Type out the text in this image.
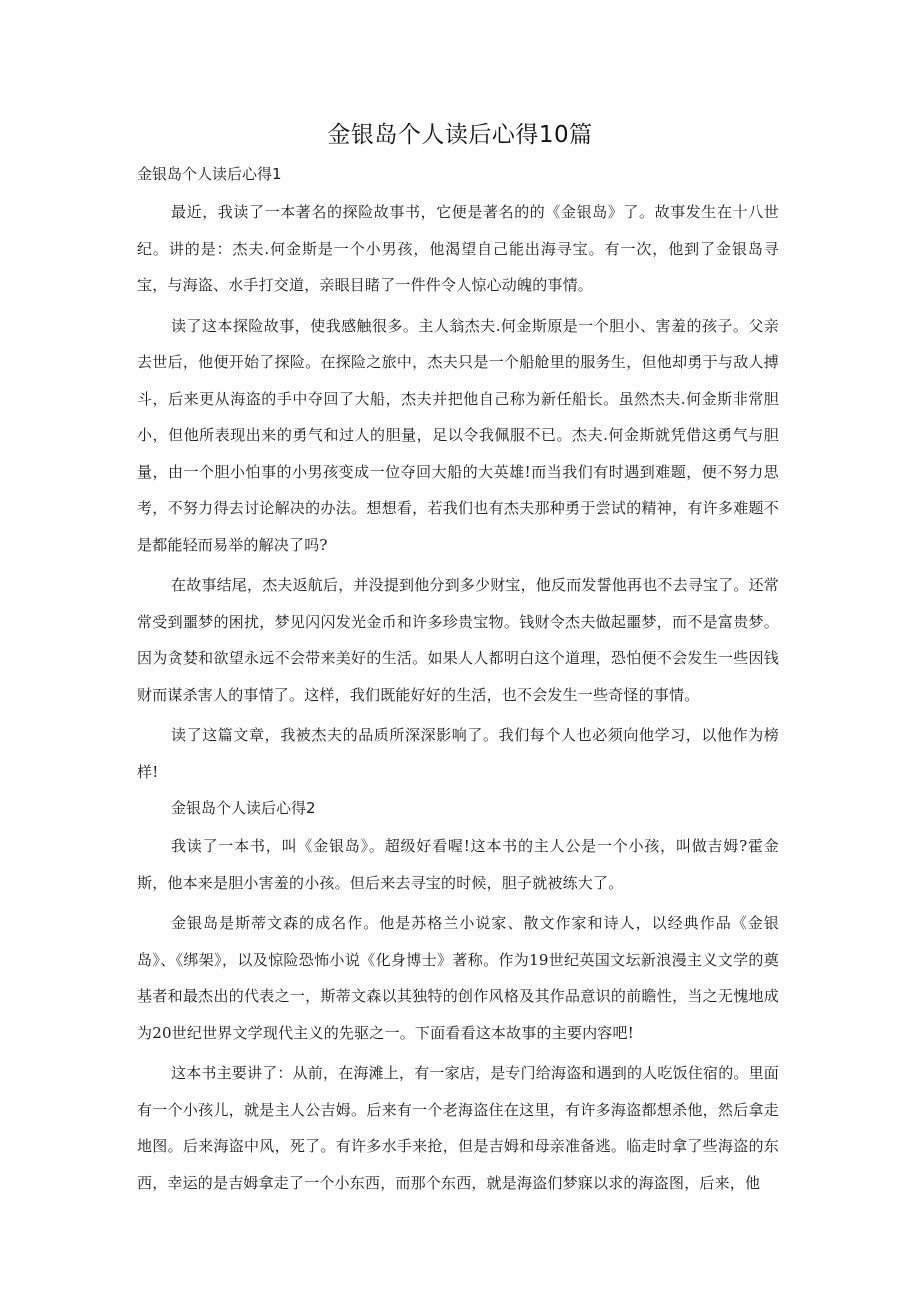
金银岛个人读后心得10篇

金银岛个人读后心得1

最近，我读了一本著名的探险故事书，它便是著名的的《金银岛》了。故事发生在十八世纪。讲的是：杰夫.何金斯是一个小男孩，他渴望自己能出海寻宝。有一次，他到了金银岛寻宝，与海盗、水手打交道，亲眼目睹了一件件令人惊心动魄的事情。

读了这本探险故事，使我感触很多。主人翁杰夫.何金斯原是一个胆小、害羞的孩子。父亲去世后，他便开始了探险。在探险之旅中，杰夫只是一个船舱里的服务生，但他却勇于与敌人搏斗，后来更从海盗的手中夺回了大船，杰夫并把他自己称为新任船长。虽然杰夫.何金斯非常胆小，但他所表现出来的勇气和过人的胆量，足以令我佩服不已。杰夫.何金斯就凭借这勇气与胆量，由一个胆小怕事的小男孩变成一位夺回大船的大英雄!而当我们有时遇到难题，便不努力思考，不努力得去讨论解决的办法。想想看，若我们也有杰夫那种勇于尝试的精神，有许多难题不是都能轻而易举的解决了吗?

在故事结尾，杰夫返航后，并没提到他分到多少财宝，他反而发誓他再也不去寻宝了。还常常受到噩梦的困扰，梦见闪闪发光金币和许多珍贵宝物。钱财令杰夫做起噩梦，而不是富贵梦。因为贪婪和欲望永远不会带来美好的生活。如果人人都明白这个道理，恐怕便不会发生一些因钱财而谋杀害人的事情了。这样，我们既能好好的生活，也不会发生一些奇怪的事情。

读了这篇文章，我被杰夫的品质所深深影响了。我们每个人也必须向他学习，以他作为榜样!

金银岛个人读后心得2

我读了一本书，叫《金银岛》。超级好看喔!这本书的主人公是一个小孩，叫做吉姆?霍金斯，他本来是胆小害羞的小孩。但后来去寻宝的时候，胆子就被练大了。

金银岛是斯蒂文森的成名作。他是苏格兰小说家、散文作家和诗人，以经典作品《金银岛》、《绑架》，以及惊险恐怖小说《化身博士》著称。作为19世纪英国文坛新浪漫主义文学的奠基者和最杰出的代表之一，斯蒂文森以其独特的创作风格及其作品意识的前瞻性，当之无愧地成为20世纪世界文学现代主义的先驱之一。下面看看这本故事的主要内容吧!

这本书主要讲了：从前，在海滩上，有一家店，是专门给海盗和遇到的人吃饭住宿的。里面有一个小孩儿，就是主人公吉姆。后来有一个老海盗住在这里，有许多海盗都想杀他，然后拿走地图。后来海盗中风，死了。有许多水手来抢，但是吉姆和母亲准备逃。临走时拿了些海盗的东西，幸运的是吉姆拿走了一个小东西，而那个东西，就是海盗们梦寐以求的海盗图，后来，他
